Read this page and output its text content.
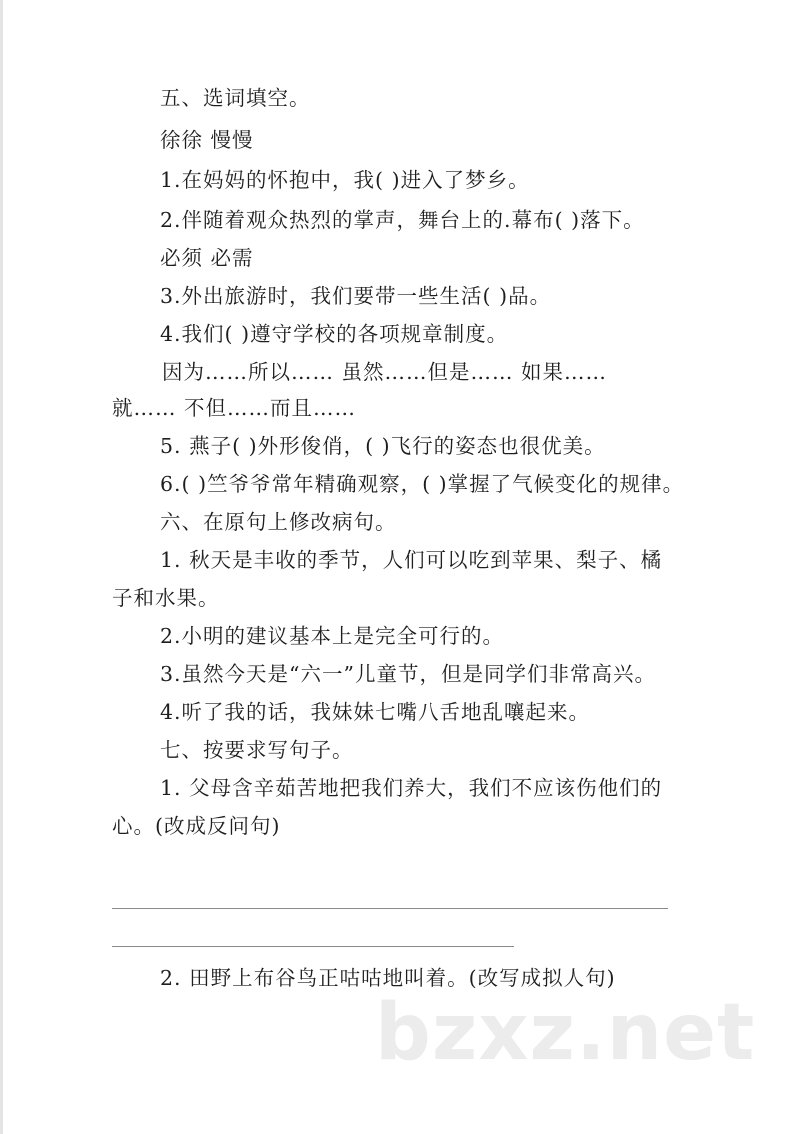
五、选词填空。
徐徐 慢慢
1.在妈妈的怀抱中，我( )进入了梦乡。
2.伴随着观众热烈的掌声，舞台上的.幕布( )落下。
必须 必需
3.外出旅游时，我们要带一些生活( )品。
4.我们( )遵守学校的各项规章制度。
因为……所以…… 虽然……但是…… 如果……
就…… 不但……而且……
5. 燕子( )外形俊俏，( )飞行的姿态也很优美。
6.( )竺爷爷常年精确观察，( )掌握了气候变化的规律。
六、在原句上修改病句。
1. 秋天是丰收的季节，人们可以吃到苹果、梨子、橘
子和水果。
2.小明的建议基本上是完全可行的。
3.虽然今天是“六一”儿童节，但是同学们非常高兴。
4.听了我的话，我妹妹七嘴八舌地乱嚷起来。
七、按要求写句子。
1. 父母含辛茹苦地把我们养大，我们不应该伤他们的
心。(改成反问句)
2. 田野上布谷鸟正咕咕地叫着。(改写成拟人句)
bzxz.net
